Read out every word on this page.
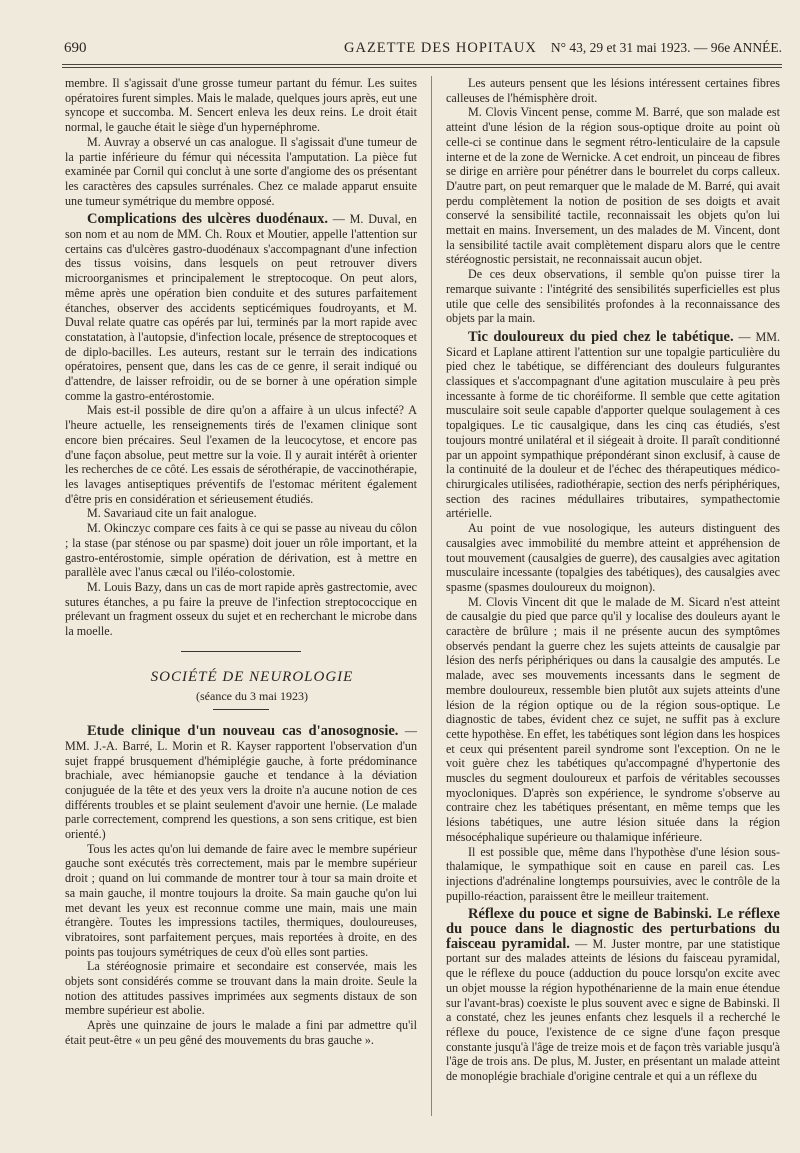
690	GAZETTE DES HOPITAUX N° 43, 29 et 31 mai 1923. — 96e ANNÉE.

membre. Il s'agissait d'une grosse tumeur partant du fémur. Les suites opératoires furent simples. Mais le malade, quelques jours après, eut une syncope et succomba. M. Sencert enleva les deux reins. Le droit était normal, le gauche était le siège d'un hypernéphrome.

M. Auvray a observé un cas analogue. Il s'agissait d'une tumeur de la partie inférieure du fémur qui nécessita l'amputation. La pièce fut examinée par Cornil qui conclut à une sorte d'angiome des os présentant les caractères des capsules surrénales. Chez ce malade apparut ensuite une tumeur symétrique du membre opposé.

Complications des ulcères duodénaux. — M. Duval, en son nom et au nom de MM. Ch. Roux et Moutier, appelle l'attention sur certains cas d'ulcères gastro-duodénaux s'accompagnant d'une infection des tissus voisins, dans lesquels on peut retrouver divers microorganismes et principalement le streptocoque. On peut alors, même après une opération bien conduite et des sutures parfaitement étanches, observer des accidents septicémiques foudroyants, et M. Duval relate quatre cas opérés par lui, terminés par la mort rapide avec constatation, à l'autopsie, d'infection locale, présence de streptocoques et de diplo-bacilles. Les auteurs, restant sur le terrain des indications opératoires, pensent que, dans les cas de ce genre, il serait indiqué ou d'attendre, de laisser refroidir, ou de se borner à une opération simple comme la gastro-entérostomie.

Mais est-il possible de dire qu'on a affaire à un ulcus infecté? A l'heure actuelle, les renseignements tirés de l'examen clinique sont encore bien précaires. Seul l'examen de la leucocytose, et encore pas d'une façon absolue, peut mettre sur la voie. Il y aurait intérêt à orienter les recherches de ce côté. Les essais de sérothérapie, de vaccinothérapie, les lavages antiseptiques préventifs de l'estomac méritent également d'être pris en considération et sérieusement étudiés.

M. Savariaud cite un fait analogue.

M. Okinczyc compare ces faits à ce qui se passe au niveau du côlon ; la stase (par sténose ou par spasme) doit jouer un rôle important, et la gastro-entérostomie, simple opération de dérivation, est à mettre en parallèle avec l'anus cæcal ou l'iléo-colostomie.

M. Louis Bazy, dans un cas de mort rapide après gastrectomie, avec sutures étanches, a pu faire la preuve de l'infection streptococcique en prélevant un fragment osseux du sujet et en recherchant le microbe dans la moelle.

SOCIÉTÉ DE NEUROLOGIE

(séance du 3 mai 1923)

Etude clinique d'un nouveau cas d'anosognosie. — MM. J.-A. Barré, L. Morin et R. Kayser rapportent l'observation d'un sujet frappé brusquement d'hémiplégie gauche, à forte prédominance brachiale, avec hémianopsie gauche et tendance à la déviation conjuguée de la tête et des yeux vers la droite n'a aucune notion de ces différents troubles et se plaint seulement d'avoir une hernie. (Le malade parle correctement, comprend les questions, a son sens critique, est bien orienté.)

Tous les actes qu'on lui demande de faire avec le membre supérieur gauche sont exécutés très correctement, mais par le membre supérieur droit ; quand on lui commande de montrer tour à tour sa main droite et sa main gauche, il montre toujours la droite. Sa main gauche qu'on lui met devant les yeux est reconnue comme une main, mais une main étrangère. Toutes les impressions tactiles, thermiques, douloureuses, vibratoires, sont parfaitement perçues, mais reportées à droite, en des points pas toujours symétriques de ceux d'où elles sont parties.

La stéréognosie primaire et secondaire est conservée, mais les objets sont considérés comme se trouvant dans la main droite. Seule la notion des attitudes passives imprimées aux segments distaux de son membre supérieur est abolie.

Après une quinzaine de jours le malade a fini par admettre qu'il était peut-être « un peu gêné des mouvements du bras gauche ».

Les auteurs pensent que les lésions intéressent certaines fibres calleuses de l'hémisphère droit.

M. Clovis Vincent pense, comme M. Barré, que son malade est atteint d'une lésion de la région sous-optique droite au point où celle-ci se continue dans le segment rétro-lenticulaire de la capsule interne et de la zone de Wernicke. A cet endroit, un pinceau de fibres se dirige en arrière pour pénétrer dans le bourrelet du corps calleux. D'autre part, on peut remarquer que le malade de M. Barré, qui avait perdu complètement la notion de position de ses doigts et avait conservé la sensibilité tactile, reconnaissait les objets qu'on lui mettait en mains. Inversement, un des malades de M. Vincent, dont la sensibilité tactile avait complètement disparu alors que le centre stéréognostic persistait, ne reconnaissait aucun objet.

De ces deux observations, il semble qu'on puisse tirer la remarque suivante : l'intégrité des sensibilités superficielles est plus utile que celle des sensibilités profondes à la reconnaissance des objets par la main.

Tic douloureux du pied chez le tabétique. — MM. Sicard et Laplane attirent l'attention sur une topalgie particulière du pied chez le tabétique, se différenciant des douleurs fulgurantes classiques et s'accompagnant d'une agitation musculaire à peu près incessante à forme de tic choréiforme. Il semble que cette agitation musculaire soit seule capable d'apporter quelque soulagement à ces topalgiques. Le tic causalgique, dans les cinq cas étudiés, s'est toujours montré unilatéral et il siégeait à droite. Il paraît conditionné par un appoint sympathique prépondérant sinon exclusif, à cause de la continuité de la douleur et de l'échec des thérapeutiques médico-chirurgicales utilisées, radiothérapie, section des nerfs périphériques, section des racines médullaires tributaires, sympathectomie artérielle.

Au point de vue nosologique, les auteurs distinguent des causalgies avec immobilité du membre atteint et appréhension de tout mouvement (causalgies de guerre), des causalgies avec agitation musculaire incessante (topalgies des tabétiques), des causalgies avec spasme (spasmes douloureux du moignon).

M. Clovis Vincent dit que le malade de M. Sicard n'est atteint de causalgie du pied que parce qu'il y localise des douleurs ayant le caractère de brûlure ; mais il ne présente aucun des symptômes observés pendant la guerre chez les sujets atteints de causalgie par lésion des nerfs périphériques ou dans la causalgie des amputés. Le malade, avec ses mouvements incessants dans le segment de membre douloureux, ressemble bien plutôt aux sujets atteints d'une lésion de la région optique ou de la région sous-optique. Le diagnostic de tabes, évident chez ce sujet, ne suffit pas à exclure cette hypothèse. En effet, les tabétiques sont légion dans les hospices et ceux qui présentent pareil syndrome sont l'exception. On ne le voit guère chez les tabétiques qu'accompagné d'hypertonie des muscles du segment douloureux et parfois de véritables secousses myocloniques. D'après son expérience, le syndrome s'observe au contraire chez les tabétiques présentant, en même temps que les lésions tabétiques, une autre lésion située dans la région mésocéphalique supérieure ou thalamique inférieure.

Il est possible que, même dans l'hypothèse d'une lésion sous-thalamique, le sympathique soit en cause en pareil cas. Les injections d'adrénaline longtemps poursuivies, avec le contrôle de la pupillo-réaction, paraissent être le meilleur traitement.

Réflexe du pouce et signe de Babinski. Le réflexe du pouce dans le diagnostic des perturbations du faisceau pyramidal. — M. Juster montre, par une statistique portant sur des malades atteints de lésions du faisceau pyramidal, que le réflexe du pouce (adduction du pouce lorsqu'on excite avec un objet mousse la région hypothénarienne de la main enue étendue sur l'avant-bras) coexiste le plus souvent avec e signe de Babinski. Il a constaté, chez les jeunes enfants chez lesquels il a recherché le réflexe du pouce, l'existence de ce signe d'une façon presque constante jusqu'à l'âge de treize mois et de façon très variable jusqu'à l'âge de trois ans. De plus, M. Juster, en présentant un malade atteint de monoplégie brachiale d'origine centrale et qui a un réflexe du
